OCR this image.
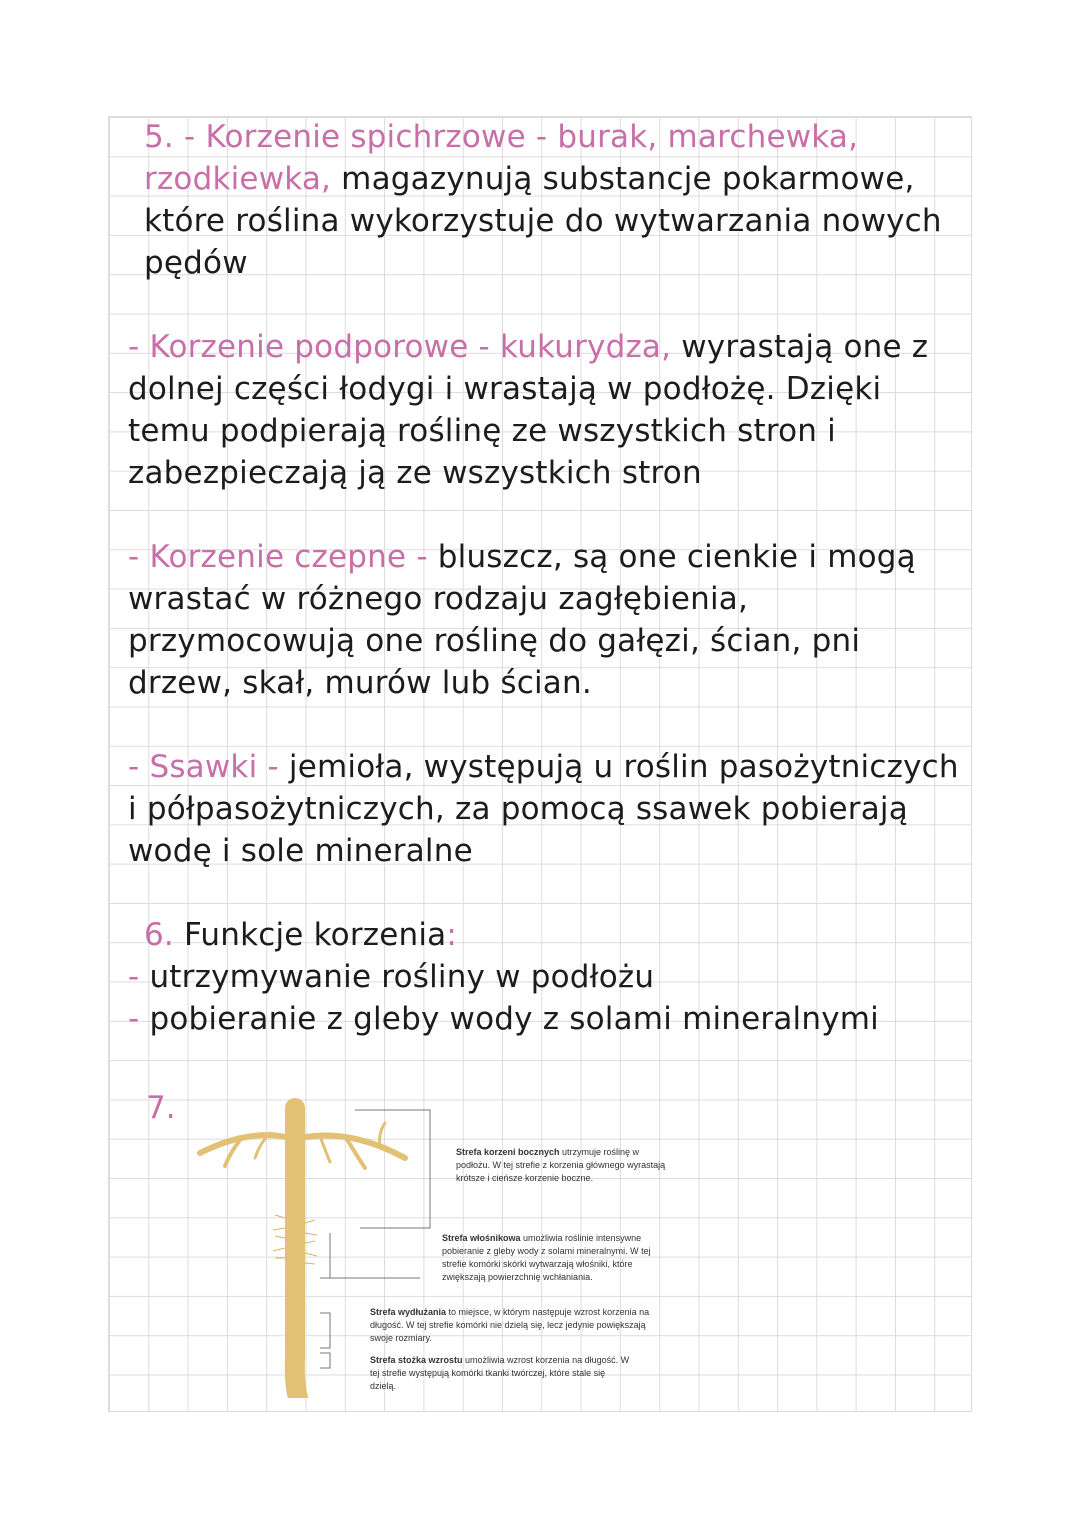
5. - Korzenie spichrzowe - burak, marchewka, rzodkiewka, magazynują substancje pokarmowe, które roślina wykorzystuje do wytwarzania nowych pędów

- Korzenie podporowe - kukurydza, wyrastają one z dolnej części łodygi i wrastają w podłożę. Dzięki temu podpierają roślinę ze wszystkich stron i zabezpieczają ją ze wszystkich stron

- Korzenie czepne - bluszcz, są one cienkie i mogą wrastać w różnego rodzaju zagłębienia, przymocowują one roślinę do gałęzi, ścian, pni drzew, skał, murów lub ścian.

- Ssawki - jemioła, występują u roślin pasożytniczych i półpasożytniczych, za pomocą ssawek pobierają wodę i sole mineralne

6. Funkcje korzenia:

- utrzymywanie rośliny w podłożu

- pobieranie z gleby wody z solami mineralnymi

7.
Strefa korzeni bocznych utrzymuje roślinę w podłożu. W tej strefie z korzenia głównego wyrastają krótsze i cieńsze korzenie boczne.
Strefa włośnikowa umożliwia roślinie intensywne pobieranie z gleby wody z solami mineralnymi. W tej strefie komórki skórki wytwarzają włośniki, które zwiększają powierzchnię wchłaniania.
Strefa wydłużania to miejsce, w którym następuje wzrost korzenia na długość. W tej strefie komórki nie dzielą się, lecz jedynie powiększają swoje rozmiary.
Strefa stożka wzrostu umożliwia wzrost korzenia na długość. W tej strefie występują komórki tkanki twórczej, które stale się dzielą.
